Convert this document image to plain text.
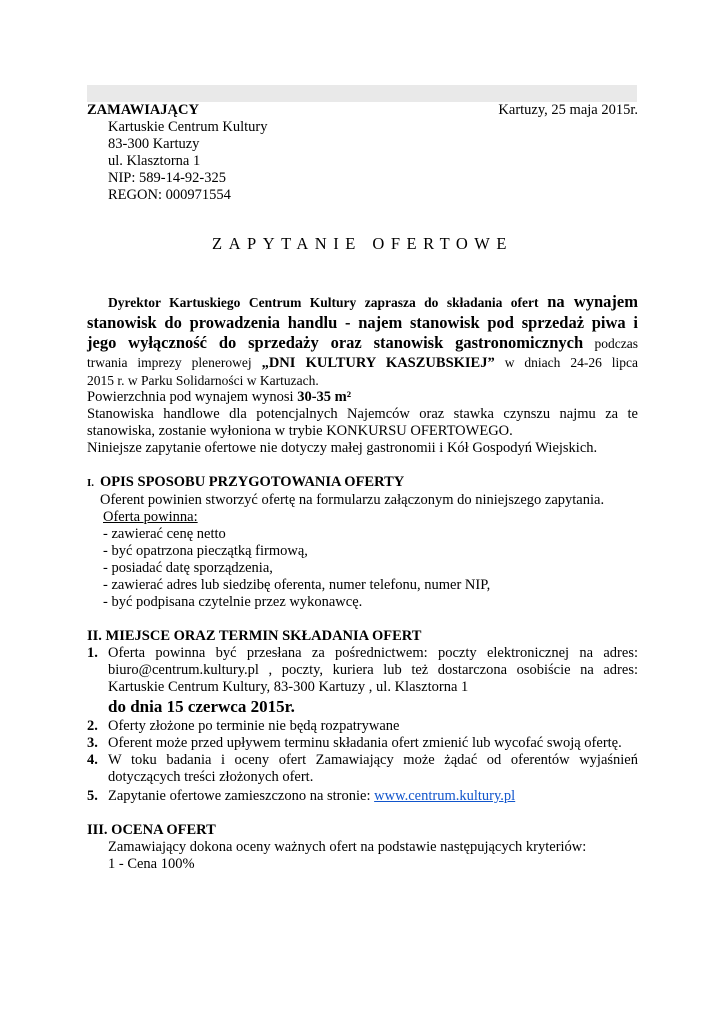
ZAMAWIAJĄCY	Kartuzy, 25 maja 2015r.
Kartuskie Centrum Kultury
83-300 Kartuzy
ul. Klasztorna 1
NIP: 589-14-92-325
REGON: 000971554
ZAPYTANIE OFERTOWE
Dyrektor Kartuskiego Centrum Kultury zaprasza do składania ofert na wynajem
stanowisk do prowadzenia handlu - najem stanowisk pod sprzedaż piwa i
jego wyłączność do sprzedaży oraz stanowisk gastronomicznych podczas
trwania imprezy plenerowej „DNI KULTURY KASZUBSKIEJ” w dniach 24-26 lipca
2015 r. w Parku Solidarności w Kartuzach.
Powierzchnia pod wynajem wynosi 30-35 m²
Stanowiska handlowe dla potencjalnych Najemców oraz stawka czynszu najmu za te
stanowiska, zostanie wyłoniona w trybie KONKURSU OFERTOWEGO.
Niniejsze zapytanie ofertowe nie dotyczy małej gastronomii i Kół Gospodyń Wiejskich.
I. OPIS SPOSOBU PRZYGOTOWANIA OFERTY
Oferent powinien stworzyć ofertę na formularzu załączonym do niniejszego zapytania.
Oferta powinna:
- zawierać cenę netto
- być opatrzona pieczątką firmową,
- posiadać datę sporządzenia,
- zawierać adres lub siedzibę oferenta, numer telefonu, numer NIP,
- być podpisana czytelnie przez wykonawcę.
II. MIEJSCE ORAZ TERMIN SKŁADANIA OFERT
1. Oferta powinna być przesłana za pośrednictwem: poczty elektronicznej na adres:
biuro@centrum.kultury.pl , poczty, kuriera lub też dostarczona osobiście na adres:
Kartuskie Centrum Kultury, 83-300 Kartuzy , ul. Klasztorna 1
do dnia 15 czerwca 2015r.
2. Oferty złożone po terminie nie będą rozpatrywane
3. Oferent może przed upływem terminu składania ofert zmienić lub wycofać swoją ofertę.
4. W toku badania i oceny ofert Zamawiający może żądać od oferentów wyjaśnień
dotyczących treści złożonych ofert.
5. Zapytanie ofertowe zamieszczono na stronie: www.centrum.kultury.pl
III. OCENA OFERT
Zamawiający dokona oceny ważnych ofert na podstawie następujących kryteriów:
1 - Cena 100%
